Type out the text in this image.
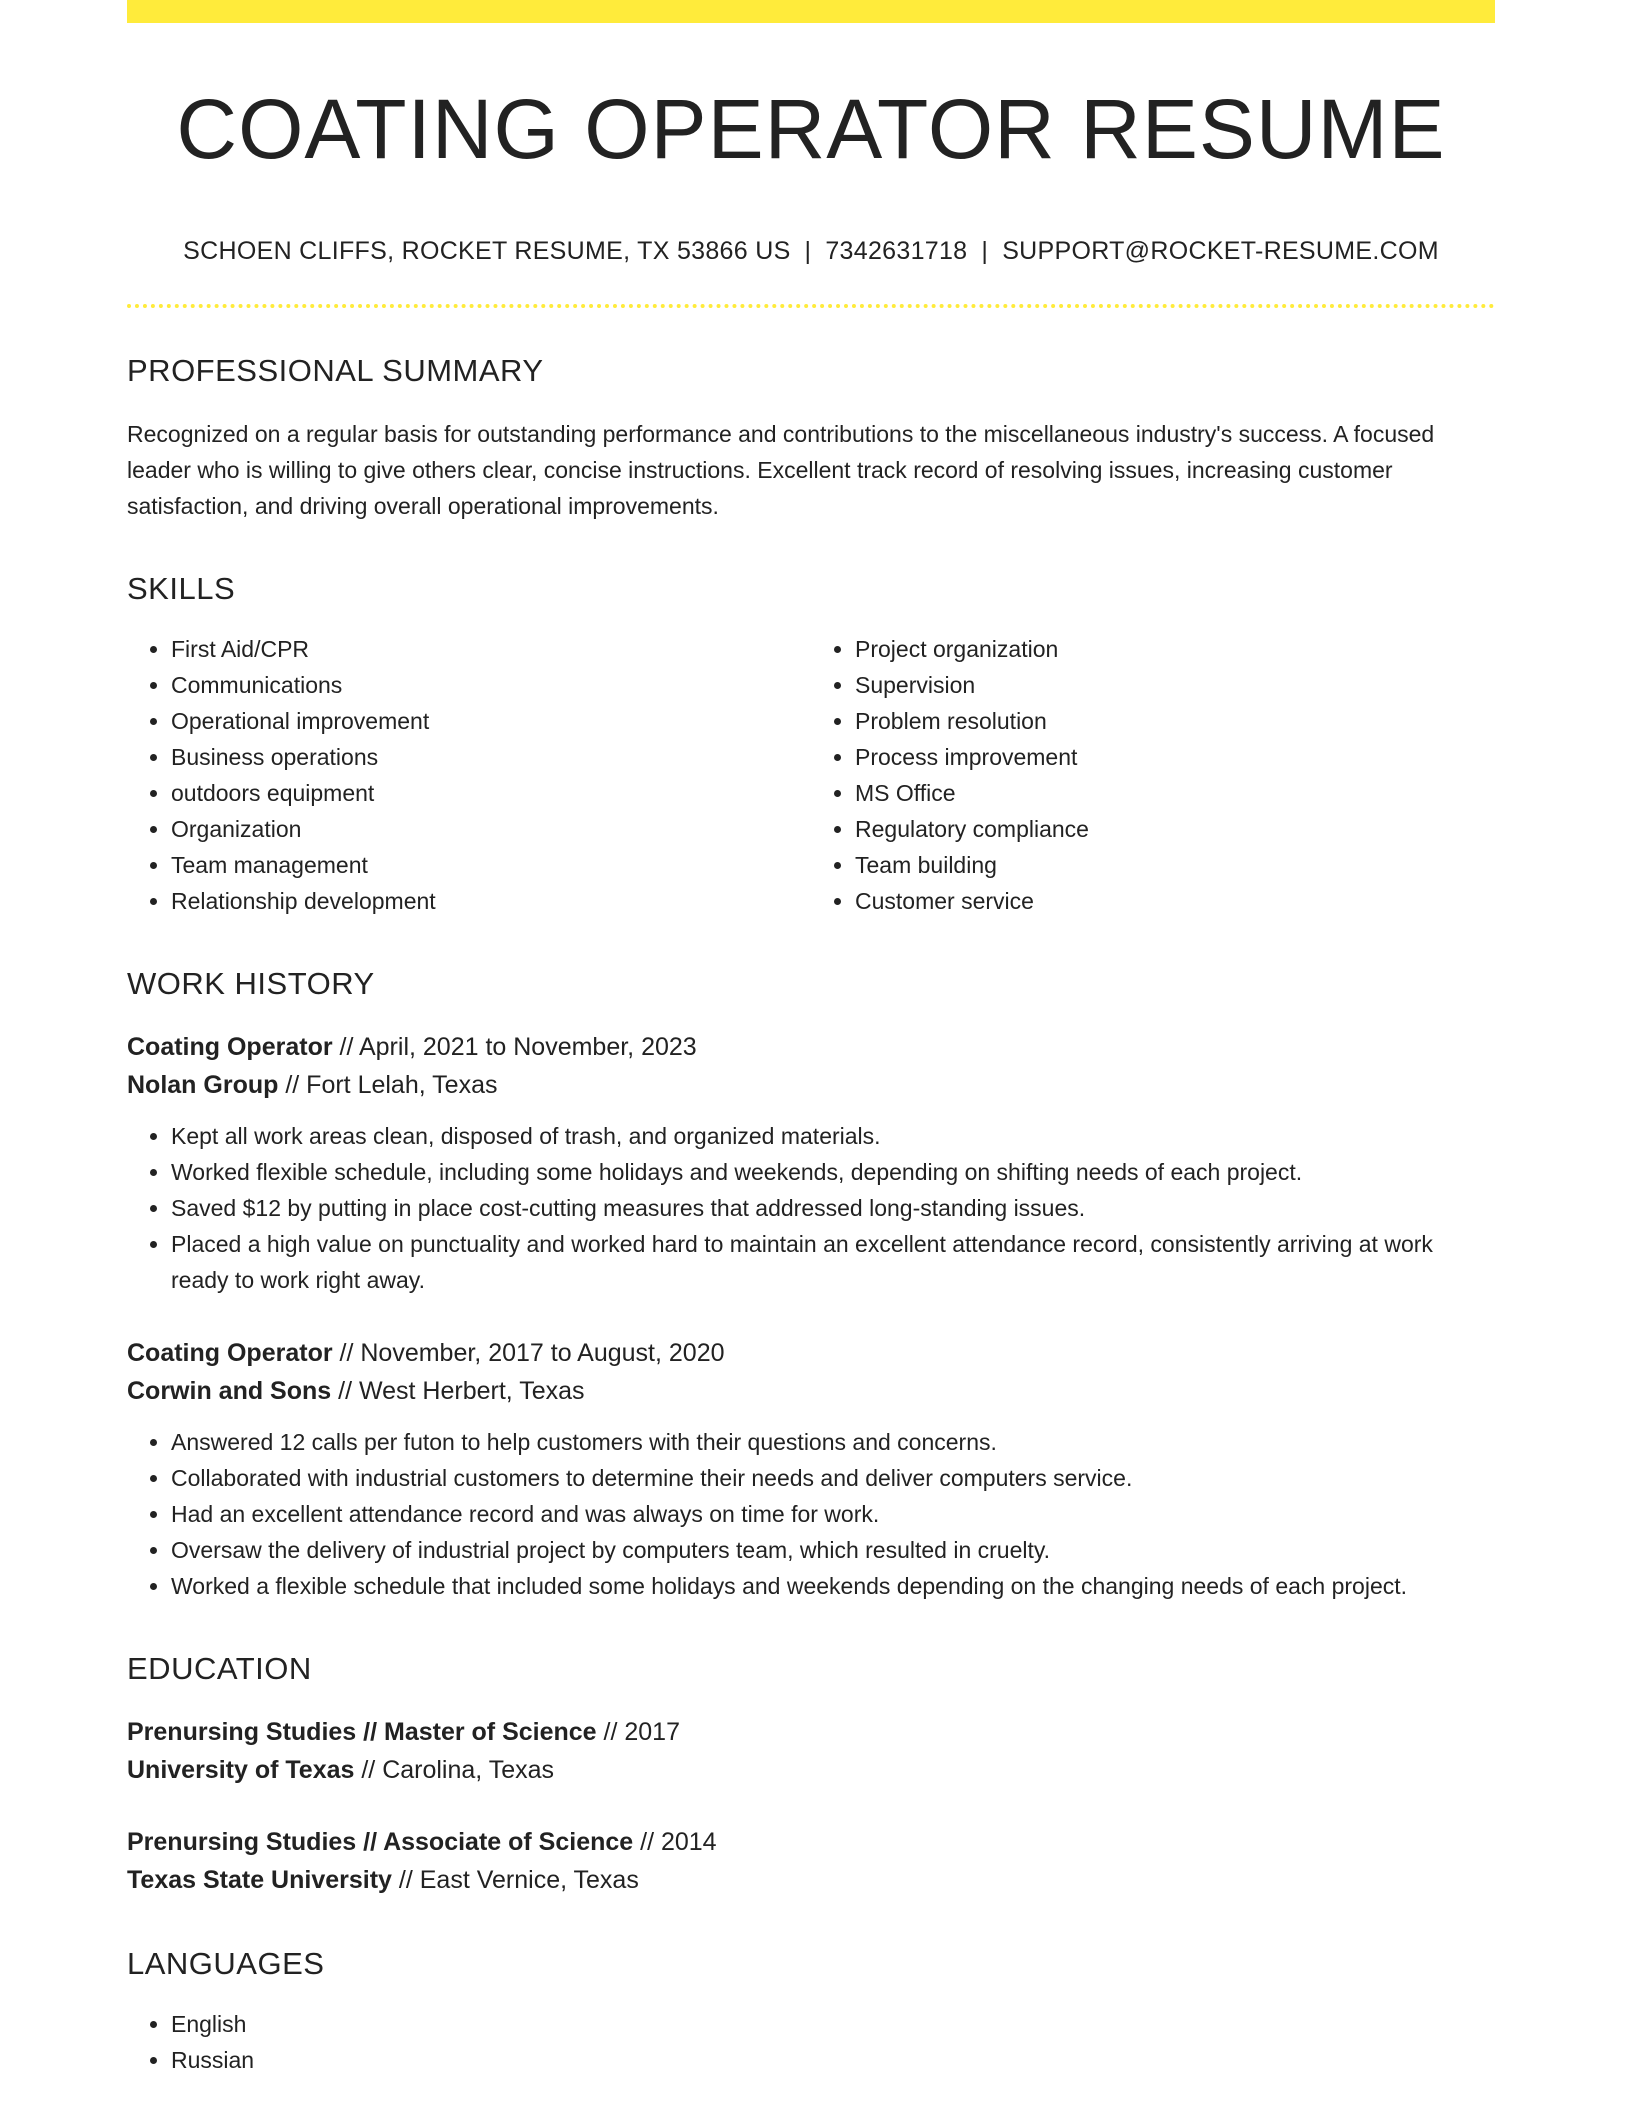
COATING OPERATOR RESUME
SCHOEN CLIFFS, ROCKET RESUME, TX 53866 US | 7342631718 | SUPPORT@ROCKET-RESUME.COM
PROFESSIONAL SUMMARY
Recognized on a regular basis for outstanding performance and contributions to the miscellaneous industry's success. A focused leader who is willing to give others clear, concise instructions. Excellent track record of resolving issues, increasing customer satisfaction, and driving overall operational improvements.
SKILLS
• First Aid/CPR
• Communications
• Operational improvement
• Business operations
• outdoors equipment
• Organization
• Team management
• Relationship development
• Project organization
• Supervision
• Problem resolution
• Process improvement
• MS Office
• Regulatory compliance
• Team building
• Customer service
WORK HISTORY
Coating Operator // April, 2021 to November, 2023
Nolan Group // Fort Lelah, Texas
• Kept all work areas clean, disposed of trash, and organized materials.
• Worked flexible schedule, including some holidays and weekends, depending on shifting needs of each project.
• Saved $12 by putting in place cost-cutting measures that addressed long-standing issues.
• Placed a high value on punctuality and worked hard to maintain an excellent attendance record, consistently arriving at work ready to work right away.
Coating Operator // November, 2017 to August, 2020
Corwin and Sons // West Herbert, Texas
• Answered 12 calls per futon to help customers with their questions and concerns.
• Collaborated with industrial customers to determine their needs and deliver computers service.
• Had an excellent attendance record and was always on time for work.
• Oversaw the delivery of industrial project by computers team, which resulted in cruelty.
• Worked a flexible schedule that included some holidays and weekends depending on the changing needs of each project.
EDUCATION
Prenursing Studies // Master of Science // 2017
University of Texas // Carolina, Texas
Prenursing Studies // Associate of Science // 2014
Texas State University // East Vernice, Texas
LANGUAGES
• English
• Russian
